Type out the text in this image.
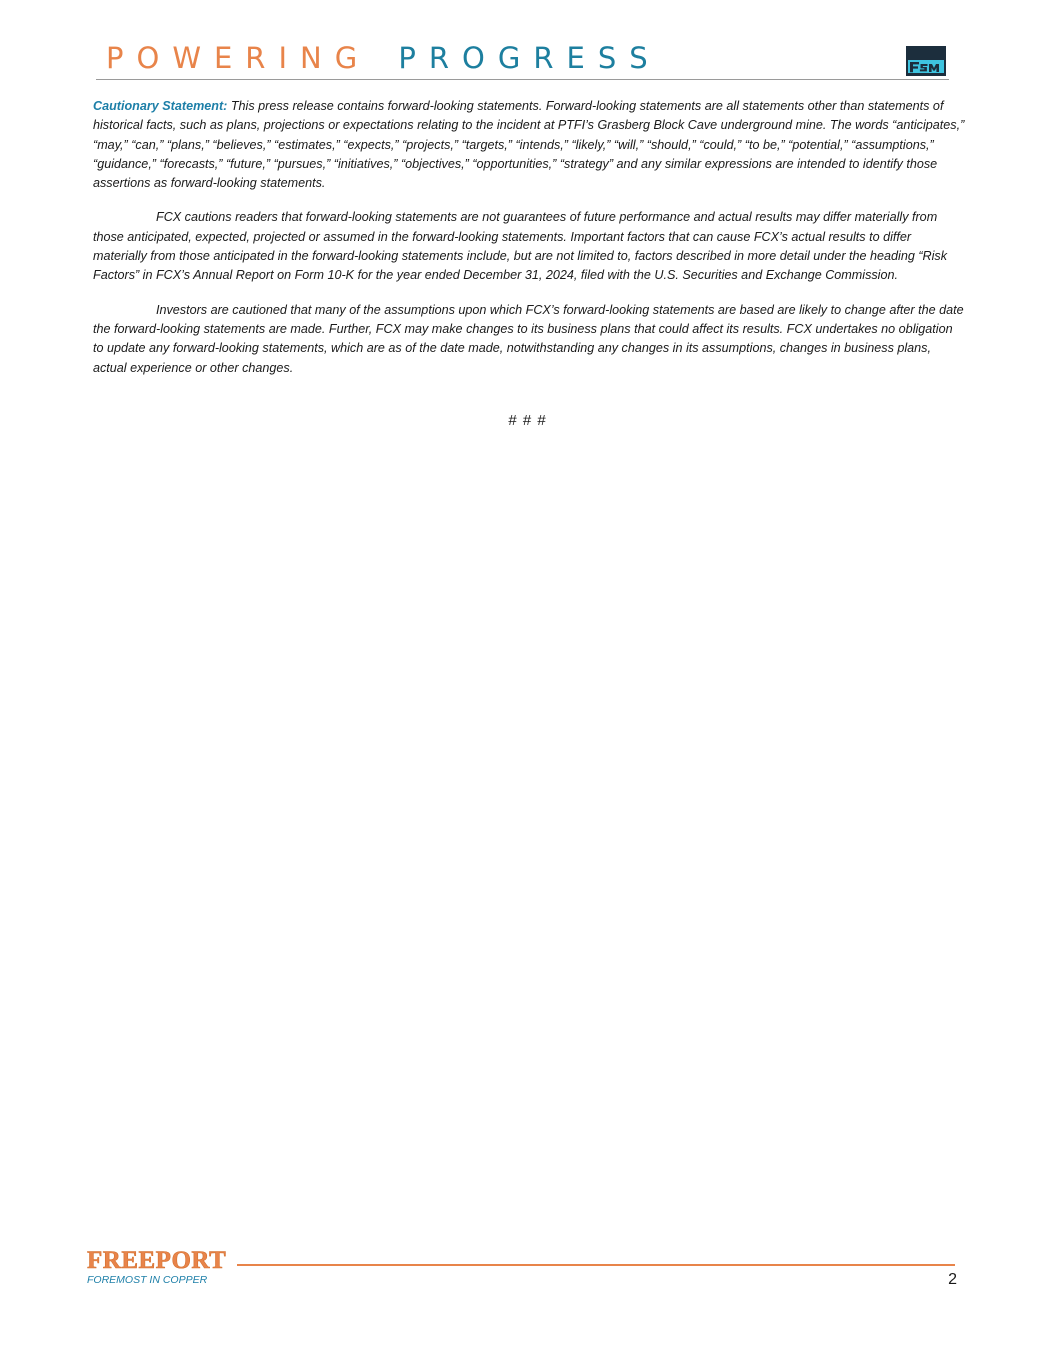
POWERING PROGRESS

Cautionary Statement: This press release contains forward-looking statements. Forward-looking statements are all statements other than statements of historical facts, such as plans, projections or expectations relating to the incident at PTFI’s Grasberg Block Cave underground mine. The words “anticipates,” “may,” “can,” “plans,” “believes,” “estimates,” “expects,” “projects,” “targets,” “intends,” “likely,” “will,” “should,” “could,” “to be,” “potential,” “assumptions,” “guidance,” “forecasts,” “future,” “pursues,” “initiatives,” “objectives,” “opportunities,” “strategy” and any similar expressions are intended to identify those assertions as forward-looking statements.

FCX cautions readers that forward-looking statements are not guarantees of future performance and actual results may differ materially from those anticipated, expected, projected or assumed in the forward-looking statements. Important factors that can cause FCX’s actual results to differ materially from those anticipated in the forward-looking statements include, but are not limited to, factors described in more detail under the heading “Risk Factors” in FCX’s Annual Report on Form 10-K for the year ended December 31, 2024, filed with the U.S. Securities and Exchange Commission.

Investors are cautioned that many of the assumptions upon which FCX’s forward-looking statements are based are likely to change after the date the forward-looking statements are made. Further, FCX may make changes to its business plans that could affect its results. FCX undertakes no obligation to update any forward-looking statements, which are as of the date made, notwithstanding any changes in its assumptions, changes in business plans, actual experience or other changes.

# # #
FREEPORT
FOREMOST IN COPPER	2
